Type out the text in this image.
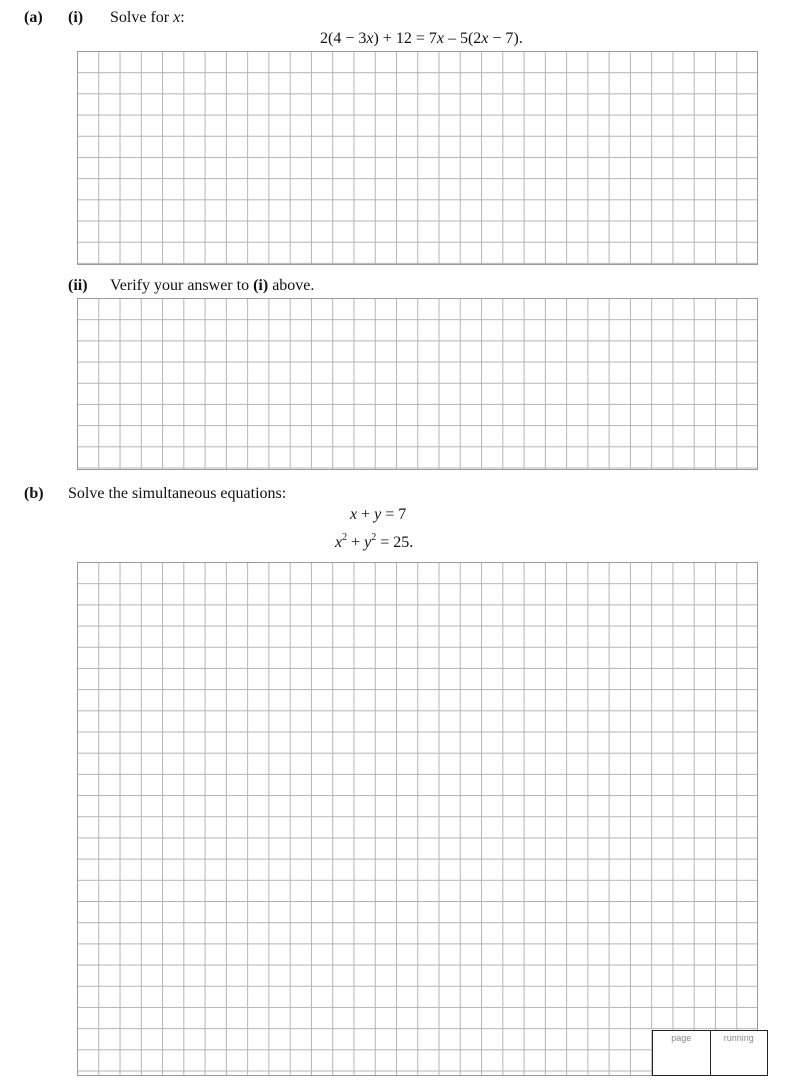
(a) (i) Solve for x:
2(4 − 3x) + 12 = 7x – 5(2x − 7).
(ii) Verify your answer to (i) above.
(b) Solve the simultaneous equations:
x + y = 7
$x^2 + y^2 = 25$.
page	running
